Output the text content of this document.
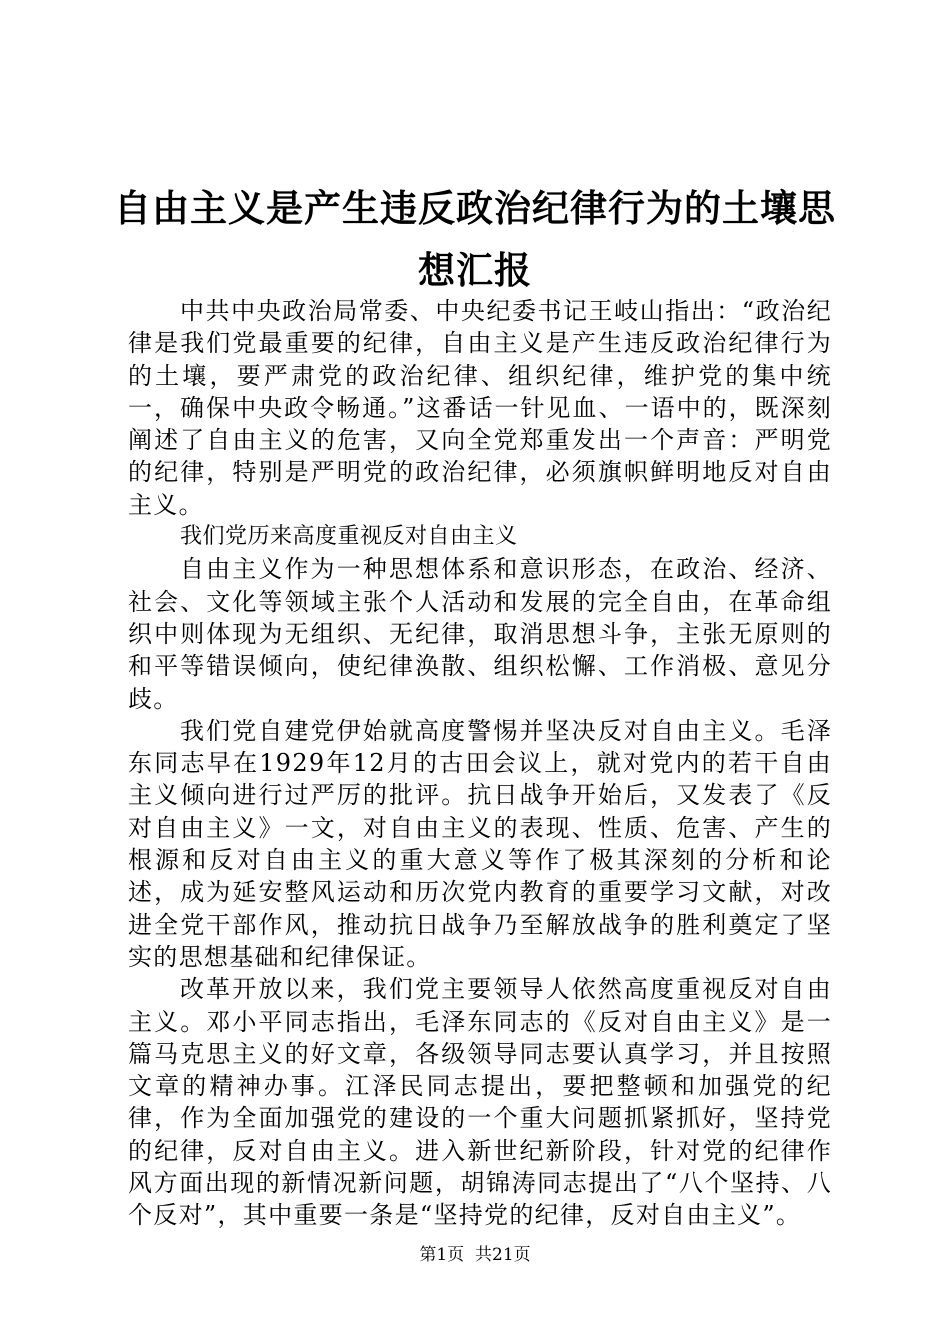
自由主义是产生违反政治纪律行为的土壤思想汇报

中共中央政治局常委、中央纪委书记王岐山指出：“政治纪律是我们党最重要的纪律，自由主义是产生违反政治纪律行为的土壤，要严肃党的政治纪律、组织纪律，维护党的集中统一，确保中央政令畅通。”这番话一针见血、一语中的，既深刻阐述了自由主义的危害，又向全党郑重发出一个声音：严明党的纪律，特别是严明党的政治纪律，必须旗帜鲜明地反对自由主义。

我们党历来高度重视反对自由主义

自由主义作为一种思想体系和意识形态，在政治、经济、社会、文化等领域主张个人活动和发展的完全自由，在革命组织中则体现为无组织、无纪律，取消思想斗争，主张无原则的和平等错误倾向，使纪律涣散、组织松懈、工作消极、意见分歧。

我们党自建党伊始就高度警惕并坚决反对自由主义。毛泽东同志早在1929年12月的古田会议上，就对党内的若干自由主义倾向进行过严厉的批评。抗日战争开始后，又发表了《反对自由主义》一文，对自由主义的表现、性质、危害、产生的根源和反对自由主义的重大意义等作了极其深刻的分析和论述，成为延安整风运动和历次党内教育的重要学习文献，对改进全党干部作风，推动抗日战争乃至解放战争的胜利奠定了坚实的思想基础和纪律保证。

改革开放以来，我们党主要领导人依然高度重视反对自由主义。邓小平同志指出，毛泽东同志的《反对自由主义》是一篇马克思主义的好文章，各级领导同志要认真学习，并且按照文章的精神办事。江泽民同志提出，要把整顿和加强党的纪律，作为全面加强党的建设的一个重大问题抓紧抓好，坚持党的纪律，反对自由主义。进入新世纪新阶段，针对党的纪律作风方面出现的新情况新问题，胡锦涛同志提出了“八个坚持、八个反对”，其中重要一条是“坚持党的纪律，反对自由主义”。

第1页 共21页
